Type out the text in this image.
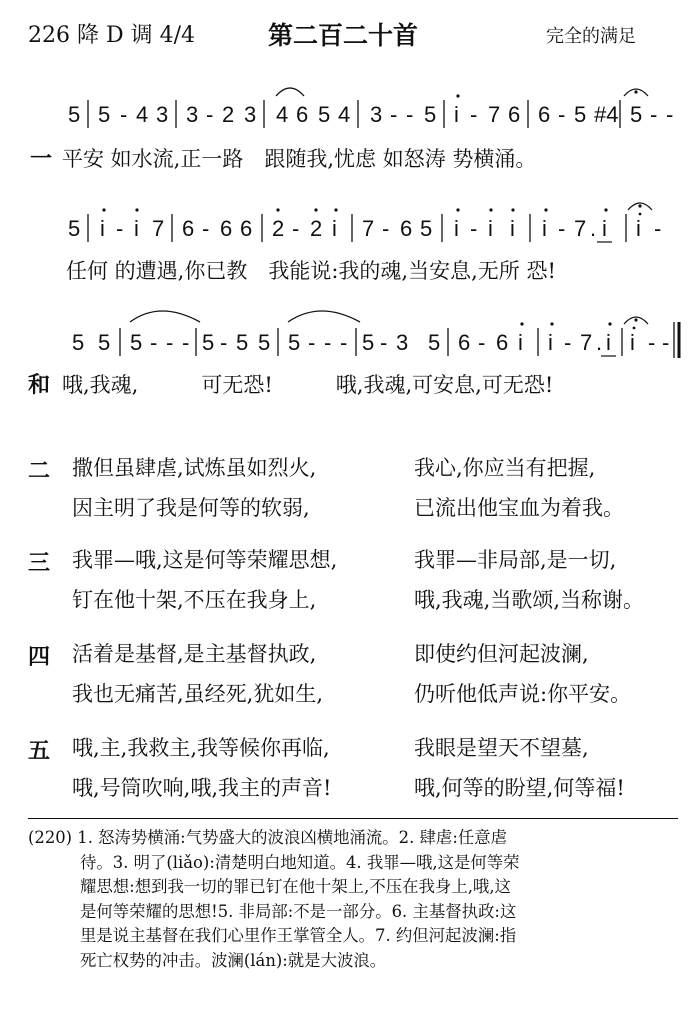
226 降 D 调 4/4	第二百二十首	完全的满足
5 5 - 4 3 3 - 2 3 4 6 5 4 3 - - 5 i - 7 6 6 - 5 #4 5 - -
一 平安 如水流,正一路　跟随我,忧虑 如怒涛 势横涌。
5 i - i 7 6 - 6 6 2 - 2 i 7 - 6 5 i - i i i - 7 . i i -
任何 的遭遇,你已教　我能说:我的魂,当安息,无所 恐!
5 5 5 - - - 5 - 5 5 5 - - - 5 - 3 5 6 - 6 i i - 7 . i i - -
和 哦,我魂,　　　可无恐!　　　哦,我魂,可安息,可无恐!
二 撒但虽肆虐,试炼虽如烈火,	我心,你应当有把握,
因主明了我是何等的软弱,	已流出他宝血为着我。
三 我罪—哦,这是何等荣耀思想,	我罪—非局部,是一切,
钉在他十架,不压在我身上,	哦,我魂,当歌颂,当称谢。
四 活着是基督,是主基督执政,	即使约但河起波澜,
我也无痛苦,虽经死,犹如生,	仍听他低声说:你平安。
五 哦,主,我救主,我等候你再临,	我眼是望天不望墓,
哦,号筒吹响,哦,我主的声音!	哦,何等的盼望,何等福!
(220) 1. 怒涛势横涌:气势盛大的波浪凶横地涌流。2. 肆虐:任意虐
待。3. 明了(liǎo):清楚明白地知道。4. 我罪—哦,这是何等荣
耀思想:想到我一切的罪已钉在他十架上,不压在我身上,哦,这
是何等荣耀的思想!5. 非局部:不是一部分。6. 主基督执政:这
里是说主基督在我们心里作王掌管全人。7. 约但河起波澜:指
死亡权势的冲击。波澜(lán):就是大波浪。
